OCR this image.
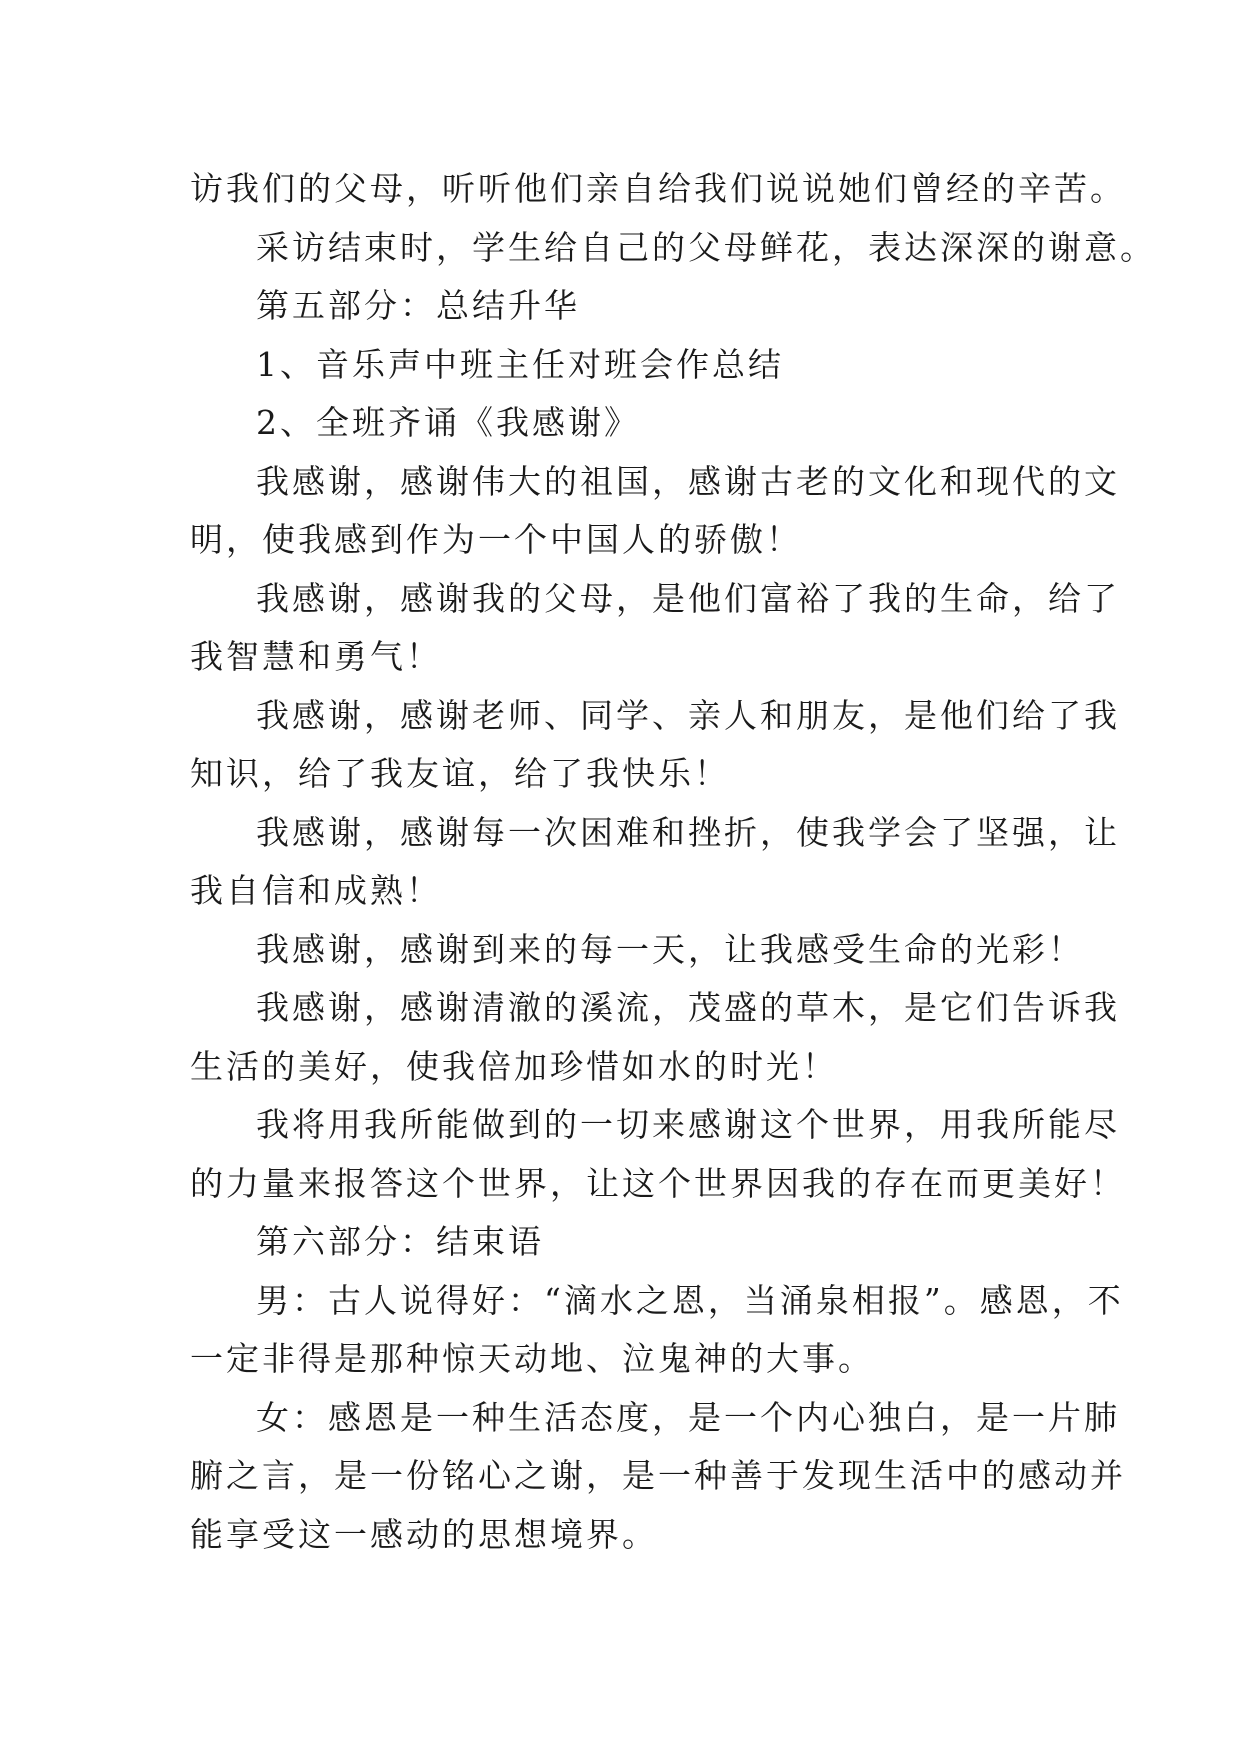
访我们的父母，听听他们亲自给我们说说她们曾经的辛苦。
采访结束时，学生给自己的父母鲜花，表达深深的谢意。
第五部分：总结升华
1、音乐声中班主任对班会作总结
2、全班齐诵《我感谢》
我感谢，感谢伟大的祖国，感谢古老的文化和现代的文
明，使我感到作为一个中国人的骄傲！
我感谢，感谢我的父母，是他们富裕了我的生命，给了
我智慧和勇气！
我感谢，感谢老师、同学、亲人和朋友，是他们给了我
知识，给了我友谊，给了我快乐！
我感谢，感谢每一次困难和挫折，使我学会了坚强，让
我自信和成熟！
我感谢，感谢到来的每一天，让我感受生命的光彩！
我感谢，感谢清澈的溪流，茂盛的草木，是它们告诉我
生活的美好，使我倍加珍惜如水的时光！
我将用我所能做到的一切来感谢这个世界，用我所能尽
的力量来报答这个世界，让这个世界因我的存在而更美好！
第六部分：结束语
男：古人说得好：“滴水之恩，当涌泉相报”。感恩，不
一定非得是那种惊天动地、泣鬼神的大事。
女：感恩是一种生活态度，是一个内心独白，是一片肺
腑之言，是一份铭心之谢，是一种善于发现生活中的感动并
能享受这一感动的思想境界。
